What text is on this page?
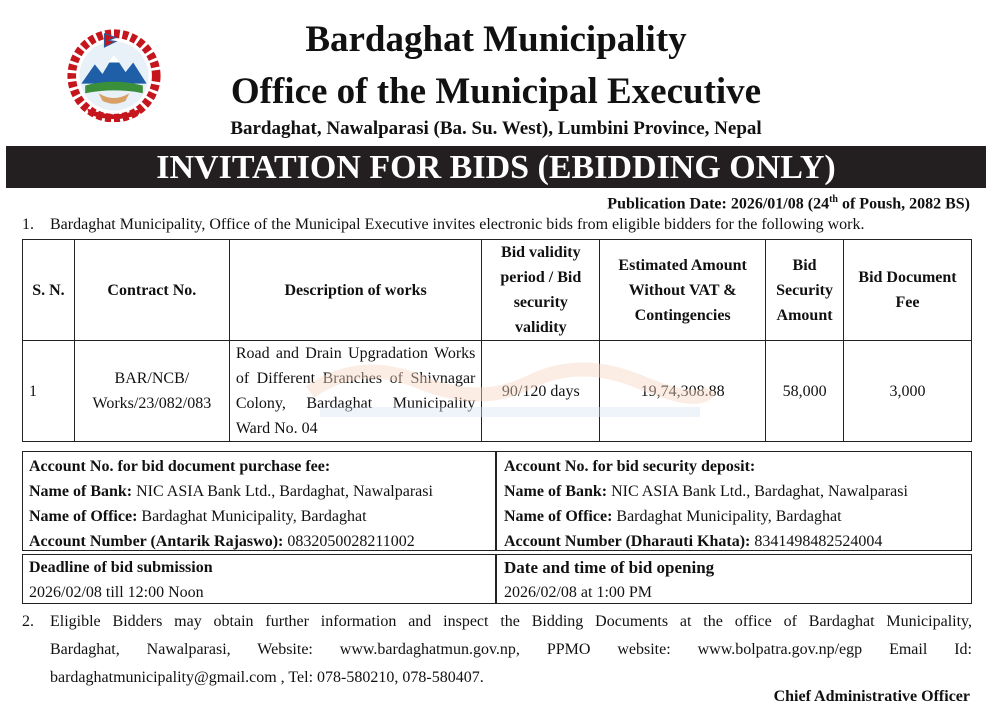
Bardaghat Municipality
Office of the Municipal Executive
Bardaghat, Nawalparasi (Ba. Su. West), Lumbini Province, Nepal
INVITATION FOR BIDS (EBIDDING ONLY)
Publication Date: 2026/01/08 (24th of Poush, 2082 BS)
1. Bardaghat Municipality, Office of the Municipal Executive invites electronic bids from eligible bidders for the following work.
S. N.	Contract No.	Description of works	Bid validity period / Bid security validity	Estimated Amount Without VAT & Contingencies	Bid Security Amount	Bid Document Fee
1	BAR/NCB/
Works/23/082/083	Road and Drain Upgradation Works of Different Branches of Shivnagar Colony, Bardaghat Municipality Ward No. 04	90/120 days	19,74,308.88	58,000	3,000
Account No. for bid document purchase fee:
Name of Bank: NIC ASIA Bank Ltd., Bardaghat, Nawalparasi
Name of Office: Bardaghat Municipality, Bardaghat
Account Number (Antarik Rajaswo): 0832050028211002
Account No. for bid security deposit:
Name of Bank: NIC ASIA Bank Ltd., Bardaghat, Nawalparasi
Name of Office: Bardaghat Municipality, Bardaghat
Account Number (Dharauti Khata): 8341498482524004
Deadline of bid submission
2026/02/08 till 12:00 Noon
Date and time of bid opening
2026/02/08 at 1:00 PM
2. Eligible Bidders may obtain further information and inspect the Bidding Documents at the office of Bardaghat Municipality,
Bardaghat, Nawalparasi, Website: www.bardaghatmun.gov.np, PPMO website: www.bolpatra.gov.np/egp Email Id:
bardaghatmunicipality@gmail.com , Tel: 078-580210, 078-580407.
Chief Administrative Officer
